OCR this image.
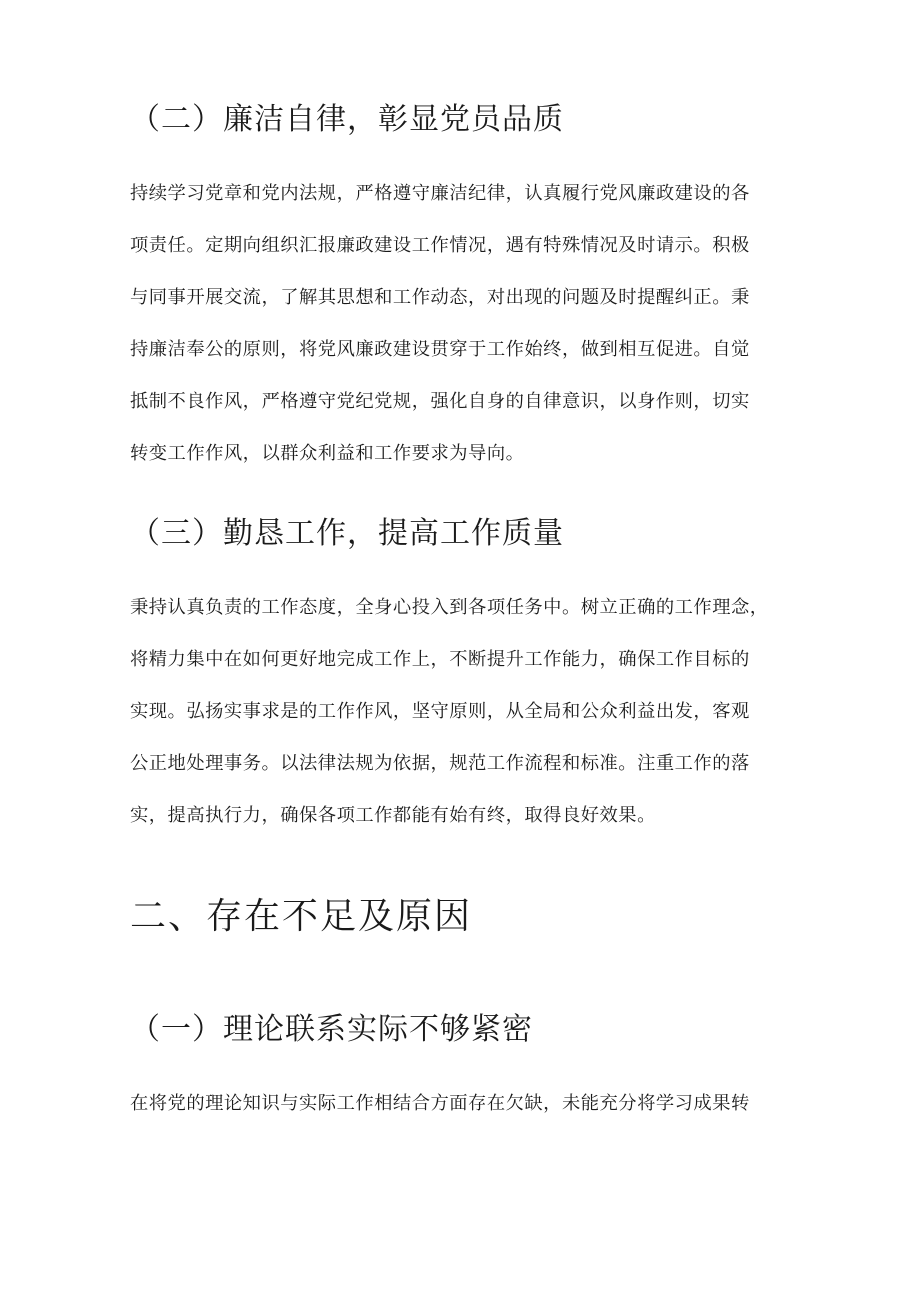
（二）廉洁自律，彰显党员品质
持续学习党章和党内法规，严格遵守廉洁纪律，认真履行党风廉政建设的各
项责任。定期向组织汇报廉政建设工作情况，遇有特殊情况及时请示。积极
与同事开展交流，了解其思想和工作动态，对出现的问题及时提醒纠正。秉
持廉洁奉公的原则，将党风廉政建设贯穿于工作始终，做到相互促进。自觉
抵制不良作风，严格遵守党纪党规，强化自身的自律意识，以身作则，切实
转变工作作风，以群众利益和工作要求为导向。
（三）勤恳工作，提高工作质量
秉持认真负责的工作态度，全身心投入到各项任务中。树立正确的工作理念，
将精力集中在如何更好地完成工作上，不断提升工作能力，确保工作目标的
实现。弘扬实事求是的工作作风，坚守原则，从全局和公众利益出发，客观
公正地处理事务。以法律法规为依据，规范工作流程和标准。注重工作的落
实，提高执行力，确保各项工作都能有始有终，取得良好效果。
二、存在不足及原因
（一）理论联系实际不够紧密
在将党的理论知识与实际工作相结合方面存在欠缺，未能充分将学习成果转
